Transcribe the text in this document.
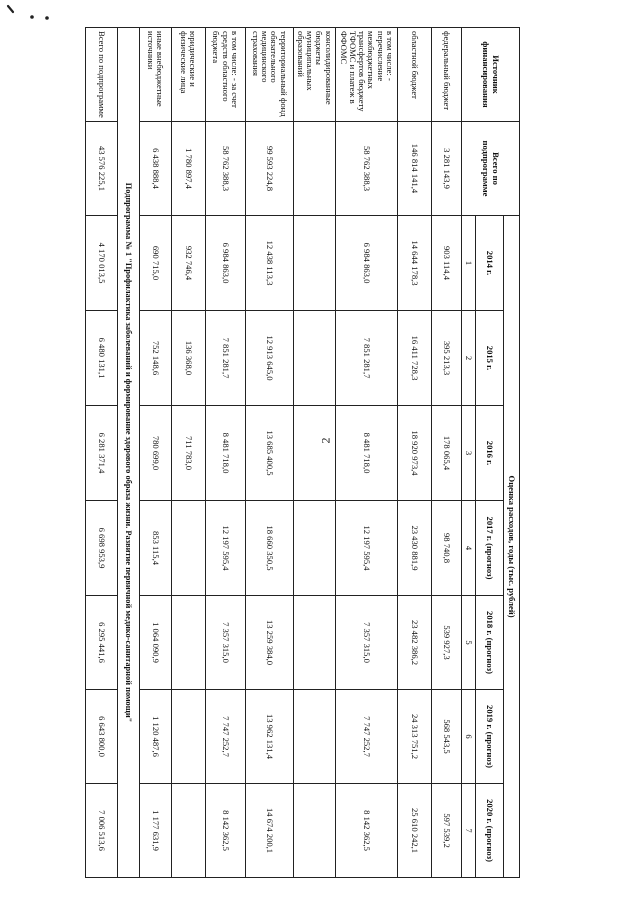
2
Источник финансирования	Всего по подпрограмме	Оценка расходов, годы (тыс. рублей)							
		2014 г.	2015 г.	2016 г.	2017 г. (прогноз)	2018 г. (прогноз)	2019 г. (прогноз)	2020 г. (прогноз)	
		1	2	3	4	5	6	7		
федеральный бюджет	3 281 143,9	903 114,4	395 213,3	178 065,4	98 740,8	539 927,3	568 543,5	597 539,2	
областной бюджет	146 814 141,4	14 644 178,3	16 411 728,3	18 920 973,4	23 430 881,9	23 482 386,2	24 313 751,2	25 610 242,1	
в том числе: - перечисление межбюджетных трансфертов бюджету ТФОМС и платеж в ФФОМС	58 762 388,3	6 984 863,0	7 851 281,7	8 481 718,0	12 197 595,4	7 357 315,0	7 747 252,7	8 142 362,5	
консолидированные бюджеты муниципальных образований									
территориальный фонд обязательного медицинского страхования	99 593 224,8	12 438 113,3	12 913 645,0	13 685 400,5	18 660 350,5	13 259 384,0	13 962 131,4	14 674 200,1	
в том числе: - за счет средств областного бюджета	58 762 388,3	6 984 863,0	7 851 281,7	8 481 718,0	12 197 595,4	7 357 315,0	7 747 252,7	8 142 362,5	
юридические и физические лица	1 780 897,4	932 746,4	136 368,0	711 783,0					
иные внебюджетные источники	6 438 888,4	690 715,0	752 148,6	780 699,0	853 115,4	1 064 090,9	1 120 487,6	1 177 631,9	
Подпрограмма № 1 "Профилактика заболеваний и формирование здорового образа жизни. Развитие первичной медико-санитарной помощи"									
Всего по подпрограмме	43 576 225,1	4 170 013,5	6 480 131,1	6 281 371,4	6 698 953,9	6 295 441,6	6 643 800,0	7 006 513,6	
